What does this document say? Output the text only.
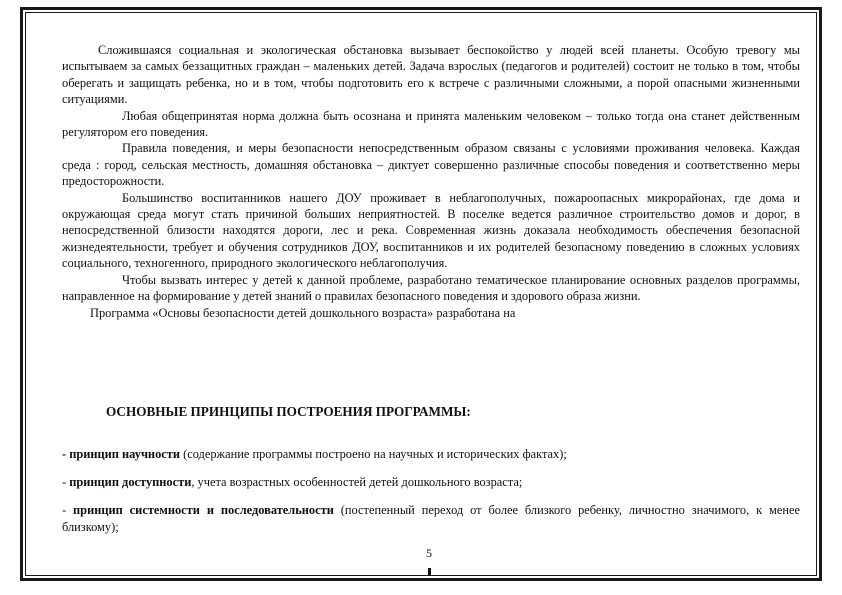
Сложившаяся социальная и экологическая обстановка вызывает беспокойство у людей всей планеты. Особую тревогу мы испытываем за самых беззащитных граждан – маленьких детей. Задача взрослых (педагогов и родителей) состоит не только в том, чтобы оберегать и защищать ребенка, но и в том, чтобы подготовить его к встрече с различными сложными, а порой опасными жизненными ситуациями.

Любая общепринятая норма должна быть осознана и принята маленьким человеком – только тогда она станет действенным регулятором его поведения.

Правила поведения, и меры безопасности непосредственным образом связаны с условиями проживания человека. Каждая среда : город, сельская местность, домашняя обстановка – диктует совершенно различные способы поведения и соответственно меры предосторожности.

Большинство воспитанников нашего ДОУ проживает в неблагополучных, пожароопасных микрорайонах, где дома и окружающая среда могут стать причиной больших неприятностей. В поселке ведется различное строительство домов и дорог, в непосредственной близости находятся дороги, лес и река. Современная жизнь доказала необходимость обеспечения безопасной жизнедеятельности, требует и обучения сотрудников ДОУ, воспитанников и их родителей безопасному поведению в сложных условиях социального, техногенного, природного экологического неблагополучия.

Чтобы вызвать интерес у детей к данной проблеме, разработано тематическое планирование основных разделов программы, направленное на формирование у детей знаний о правилах безопасного поведения и здорового образа жизни.

Программа «Основы безопасности детей дошкольного возраста» разработана на

ОСНОВНЫЕ ПРИНЦИПЫ ПОСТРОЕНИЯ ПРОГРАММЫ:

- принцип научности (содержание программы построено на научных и исторических фактах);

- принцип доступности, учета возрастных особенностей детей дошкольного возраста;

- принцип системности и последовательности (постепенный переход от более близкого ребенку, личностно значимого, к менее близкому);

5
